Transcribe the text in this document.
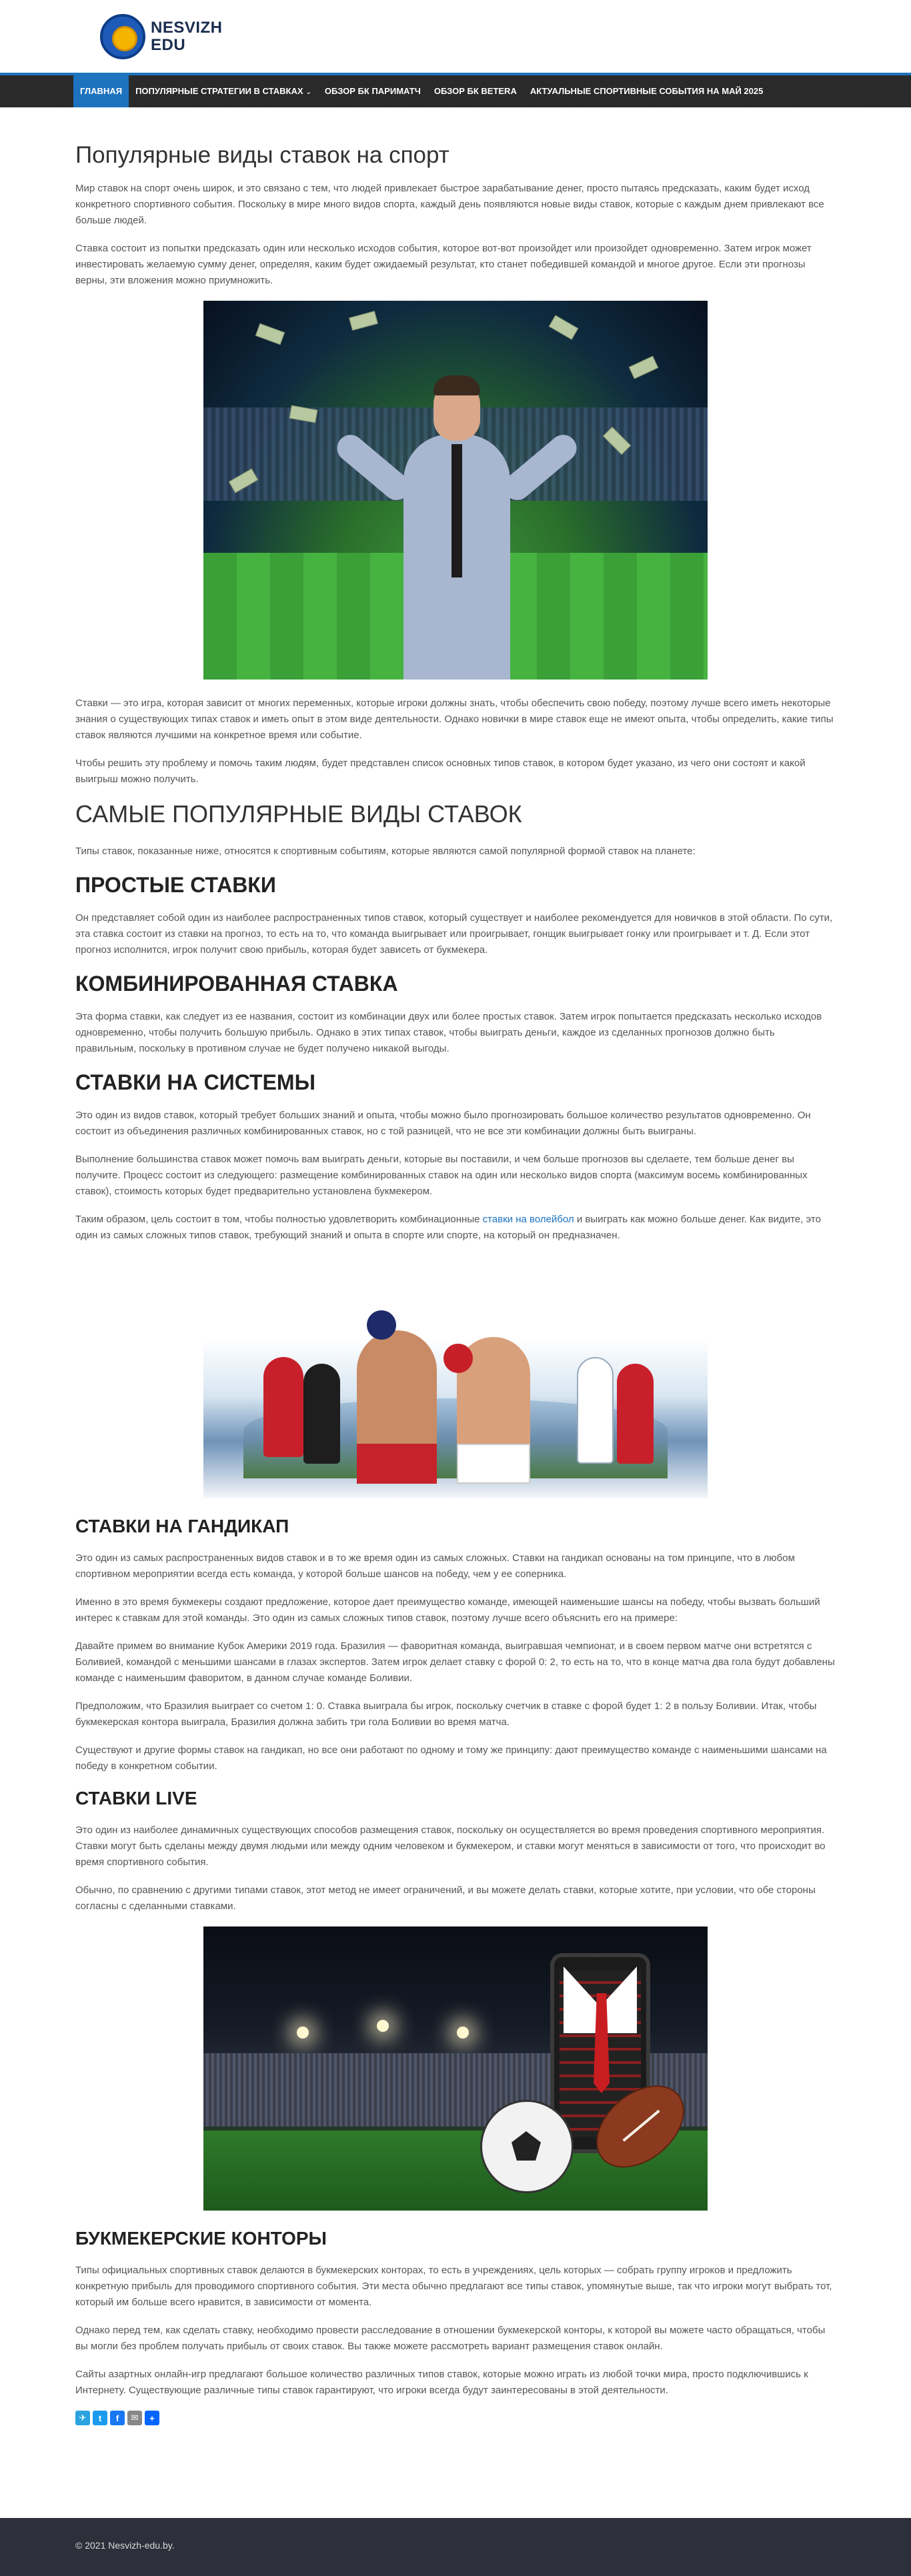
NESVIZH
EDU
ГЛАВНАЯ	ПОПУЛЯРНЫЕ СТРАТЕГИИ В СТАВКАХ ⌄	ОБЗОР БК ПАРИМАТЧ	ОБЗОР БК BETERA	АКТУАЛЬНЫЕ СПОРТИВНЫЕ СОБЫТИЯ НА МАЙ 2025
Популярные виды ставок на спорт

Мир ставок на спорт очень широк, и это связано с тем, что людей привлекает быстрое зарабатывание денег, просто пытаясь предсказать, каким будет исход конкретного спортивного события. Поскольку в мире много видов спорта, каждый день появляются новые виды ставок, которые с каждым днем привлекают все больше людей.

Ставка состоит из попытки предсказать один или несколько исходов события, которое вот-вот произойдет или произойдет одновременно. Затем игрок может инвестировать желаемую сумму денег, определяя, каким будет ожидаемый результат, кто станет победившей командой и многое другое. Если эти прогнозы верны, эти вложения можно приумножить.

Ставки — это игра, которая зависит от многих переменных, которые игроки должны знать, чтобы обеспечить свою победу, поэтому лучше всего иметь некоторые знания о существующих типах ставок и иметь опыт в этом виде деятельности. Однако новички в мире ставок еще не имеют опыта, чтобы определить, какие типы ставок являются лучшими на конкретное время или событие.

Чтобы решить эту проблему и помочь таким людям, будет представлен список основных типов ставок, в котором будет указано, из чего они состоят и какой выигрыш можно получить.

САМЫЕ ПОПУЛЯРНЫЕ ВИДЫ СТАВОК

Типы ставок, показанные ниже, относятся к спортивным событиям, которые являются самой популярной формой ставок на планете:

ПРОСТЫЕ СТАВКИ

Он представляет собой один из наиболее распространенных типов ставок, который существует и наиболее рекомендуется для новичков в этой области. По сути, эта ставка состоит из ставки на прогноз, то есть на то, что команда выигрывает или проигрывает, гонщик выигрывает гонку или проигрывает и т. Д. Если этот прогноз исполнится, игрок получит свою прибыль, которая будет зависеть от букмекера.

КОМБИНИРОВАННАЯ СТАВКА

Эта форма ставки, как следует из ее названия, состоит из комбинации двух или более простых ставок. Затем игрок попытается предсказать несколько исходов одновременно, чтобы получить большую прибыль. Однако в этих типах ставок, чтобы выиграть деньги, каждое из сделанных прогнозов должно быть правильным, поскольку в противном случае не будет получено никакой выгоды.

СТАВКИ НА СИСТЕМЫ

Это один из видов ставок, который требует больших знаний и опыта, чтобы можно было прогнозировать большое количество результатов одновременно. Он состоит из объединения различных комбинированных ставок, но с той разницей, что не все эти комбинации должны быть выиграны.

Выполнение большинства ставок может помочь вам выиграть деньги, которые вы поставили, и чем больше прогнозов вы сделаете, тем больше денег вы получите. Процесс состоит из следующего: размещение комбинированных ставок на один или несколько видов спорта (максимум восемь комбинированных ставок), стоимость которых будет предварительно установлена букмекером.

Таким образом, цель состоит в том, чтобы полностью удовлетворить комбинационные ставки на волейбол и выиграть как можно больше денег. Как видите, это один из самых сложных типов ставок, требующий знаний и опыта в спорте или спорте, на который он предназначен.

СТАВКИ НА ГАНДИКАП

Это один из самых распространенных видов ставок и в то же время один из самых сложных. Ставки на гандикап основаны на том принципе, что в любом спортивном мероприятии всегда есть команда, у которой больше шансов на победу, чем у ее соперника.

Именно в это время букмекеры создают предложение, которое дает преимущество команде, имеющей наименьшие шансы на победу, чтобы вызвать больший интерес к ставкам для этой команды. Это один из самых сложных типов ставок, поэтому лучше всего объяснить его на примере:

Давайте примем во внимание Кубок Америки 2019 года. Бразилия — фаворитная команда, выигравшая чемпионат, и в своем первом матче они встретятся с Боливией, командой с меньшими шансами в глазах экспертов. Затем игрок делает ставку с форой 0: 2, то есть на то, что в конце матча два гола будут добавлены команде с наименьшим фаворитом, в данном случае команде Боливии.

Предположим, что Бразилия выиграет со счетом 1: 0. Ставка выиграла бы игрок, поскольку счетчик в ставке с форой будет 1: 2 в пользу Боливии. Итак, чтобы букмекерская контора выиграла, Бразилия должна забить три гола Боливии во время матча.

Существуют и другие формы ставок на гандикап, но все они работают по одному и тому же принципу: дают преимущество команде с наименьшими шансами на победу в конкретном событии.

СТАВКИ LIVE

Это один из наиболее динамичных существующих способов размещения ставок, поскольку он осуществляется во время проведения спортивного мероприятия. Ставки могут быть сделаны между двумя людьми или между одним человеком и букмекером, и ставки могут меняться в зависимости от того, что происходит во время спортивного события.

Обычно, по сравнению с другими типами ставок, этот метод не имеет ограничений, и вы можете делать ставки, которые хотите, при условии, что обе стороны согласны с сделанными ставками.

БУКМЕКЕРСКИЕ КОНТОРЫ

Типы официальных спортивных ставок делаются в букмекерских конторах, то есть в учреждениях, цель которых — собрать группу игроков и предложить конкретную прибыль для проводимого спортивного события. Эти места обычно предлагают все типы ставок, упомянутые выше, так что игроки могут выбрать тот, который им больше всего нравится, в зависимости от момента.

Однако перед тем, как сделать ставку, необходимо провести расследование в отношении букмекерской конторы, к которой вы можете часто обращаться, чтобы вы могли без проблем получать прибыль от своих ставок. Вы также можете рассмотреть вариант размещения ставок онлайн.

Сайты азартных онлайн-игр предлагают большое количество различных типов ставок, которые можно играть из любой точки мира, просто подключившись к Интернету. Существующие различные типы ставок гарантируют, что игроки всегда будут заинтересованы в этой деятельности.

✈	t	f	✉	+
© 2021 Nesvizh-edu.by.
